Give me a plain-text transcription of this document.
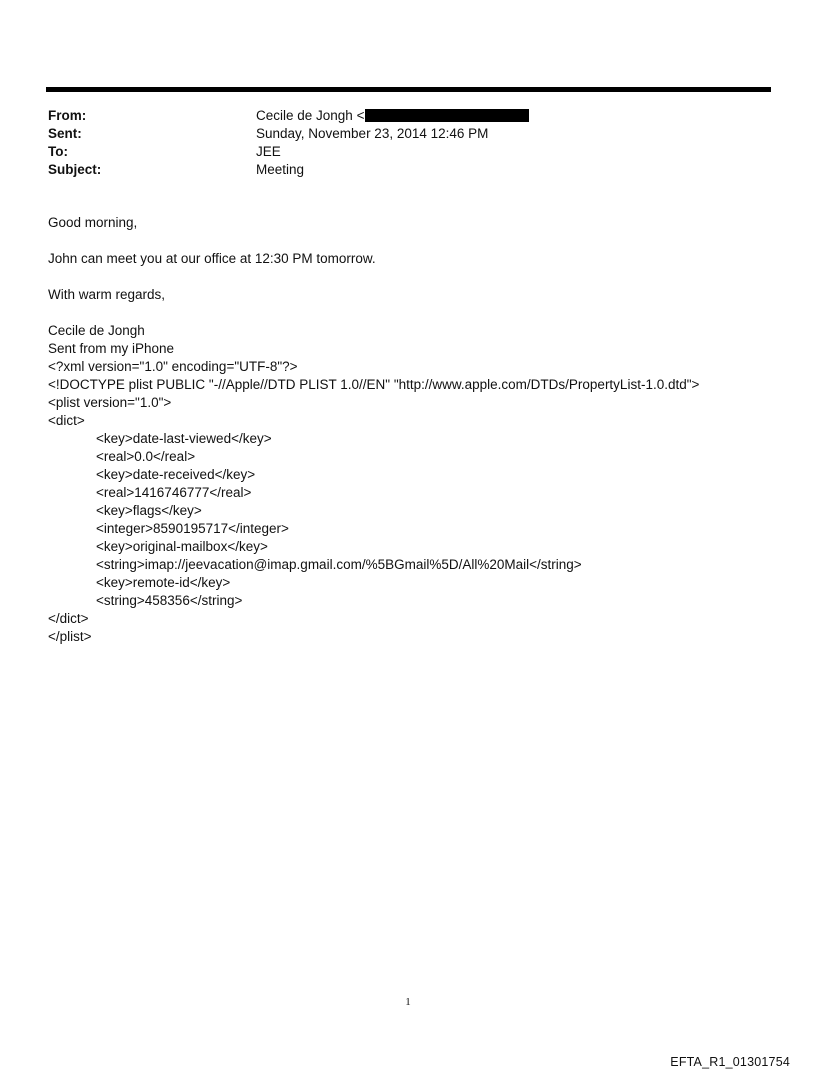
From:	Cecile de Jongh <
Sent:	Sunday, November 23, 2014 12:46 PM
To:	JEE
Subject:	Meeting
Good morning,
John can meet you at our office at 12:30 PM tomorrow.
With warm regards,
Cecile de Jongh
Sent from my iPhone
<?xml version="1.0" encoding="UTF-8"?>
<!DOCTYPE plist PUBLIC "-//Apple//DTD PLIST 1.0//EN" "http://www.apple.com/DTDs/PropertyList-1.0.dtd">
<plist version="1.0">
<dict>
<key>date-last-viewed</key>
<real>0.0</real>
<key>date-received</key>
<real>1416746777</real>
<key>flags</key>
<integer>8590195717</integer>
<key>original-mailbox</key>
<string>imap://jeevacation@imap.gmail.com/%5BGmail%5D/All%20Mail</string>
<key>remote-id</key>
<string>458356</string>
</dict>
</plist>
1
EFTA_R1_01301754
